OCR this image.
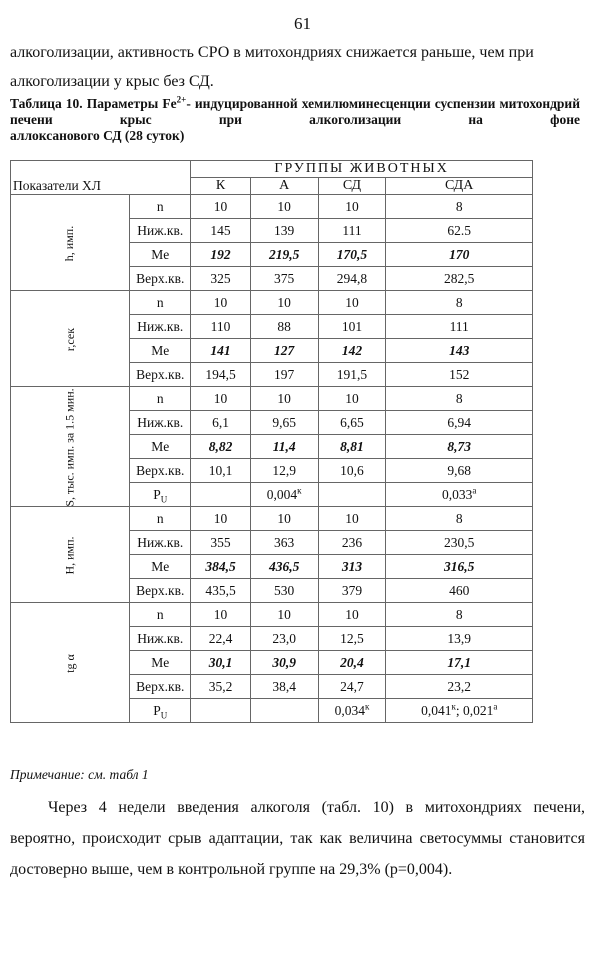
61

алкоголизации, активность СРО в митохондриях снижается раньше, чем при

алкоголизации у крыс без СД.

Таблица 10. Параметры $Fe^{2+}-$ индуцированной хемилюминесценции суспензии митохондрий печени крыс при алкоголизации на фоне
аллоксанового СД (28 суток)
Показатели ХЛ		ГРУППЫ ЖИВОТНЫХ			
		К	А	СД	СДА
h, имп.	n	10	10	10	8
	Ниж.кв.	145	139	111	62.5
	Me	192	219,5	170,5	170
	Верх.кв.	325	375	294,8	282,5
r,сек	n	10	10	10	8
	Ниж.кв.	110	88	101	111
	Me	141	127	142	143
	Верх.кв.	194,5	197	191,5	152
S, тыс. имп. за 1.5 мин.	n	10	10	10	8
	Ниж.кв.	6,1	9,65	6,65	6,94
	Me	8,82	11,4	8,81	8,73
	Верх.кв.	10,1	12,9	10,6	9,68
	$P_U$		$0,004^к$		$0,033^а$
H, имп.	n	10	10	10	8
	Ниж.кв.	355	363	236	230,5
	Me	384,5	436,5	313	316,5
	Верх.кв.	435,5	530	379	460
tg α	n	10	10	10	8
	Ниж.кв.	22,4	23,0	12,5	13,9
	Me	30,1	30,9	20,4	17,1
	Верх.кв.	35,2	38,4	24,7	23,2
	$P_U$			$0,034^к$	$0,041^к$; $0,021^а$
Примечание: см. табл 1

Через 4 недели введения алкоголя (табл. 10) в митохондриях печени, вероятно, происходит срыв адаптации, так как величина светосуммы становится достоверно выше, чем в контрольной группе на 29,3% (p=0,004).
